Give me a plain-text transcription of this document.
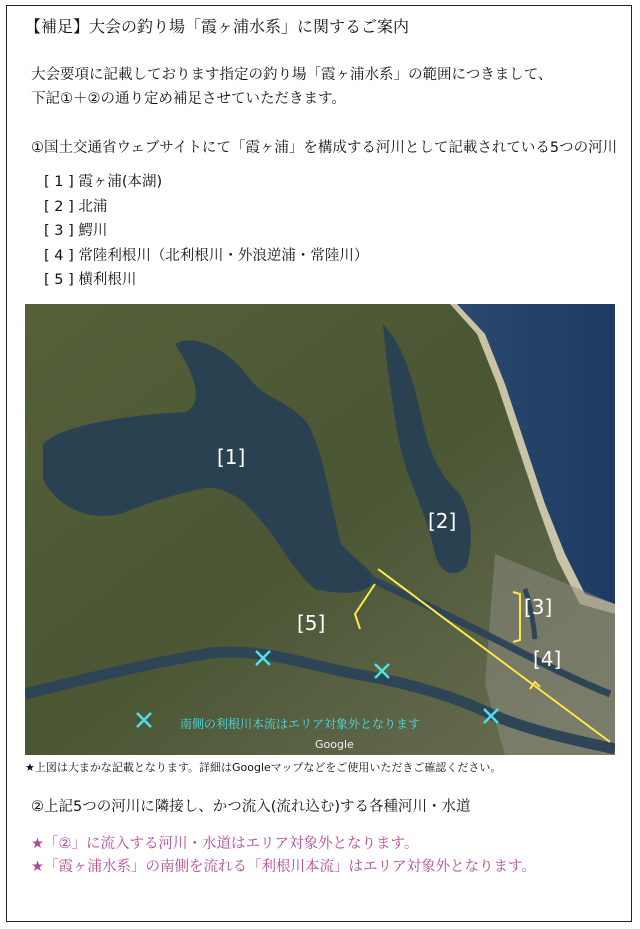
【補足】大会の釣り場「霞ヶ浦水系」に関するご案内
大会要項に記載しております指定の釣り場「霞ヶ浦水系」の範囲につきまして、
下記①＋②の通り定め補足させていただきます。
①国土交通省ウェブサイトにて「霞ヶ浦」を構成する河川として記載されている5つの河川
[ 1 ] 霞ヶ浦(本湖)
[ 2 ] 北浦
[ 3 ] 鰐川
[ 4 ] 常陸利根川（北利根川・外浪逆浦・常陸川）
[ 5 ] 横利根川
[1]
[2]
[3]
[4]
[5]
南側の利根川本流はエリア対象外となります
Google
★上図は大まかな記載となります。詳細はGoogleマップなどをご使用いただきご確認ください。
②上記5つの河川に隣接し、かつ流入(流れ込む)する各種河川・水道
★「②」に流入する河川・水道はエリア対象外となります。
★「霞ヶ浦水系」の南側を流れる「利根川本流」はエリア対象外となります。
